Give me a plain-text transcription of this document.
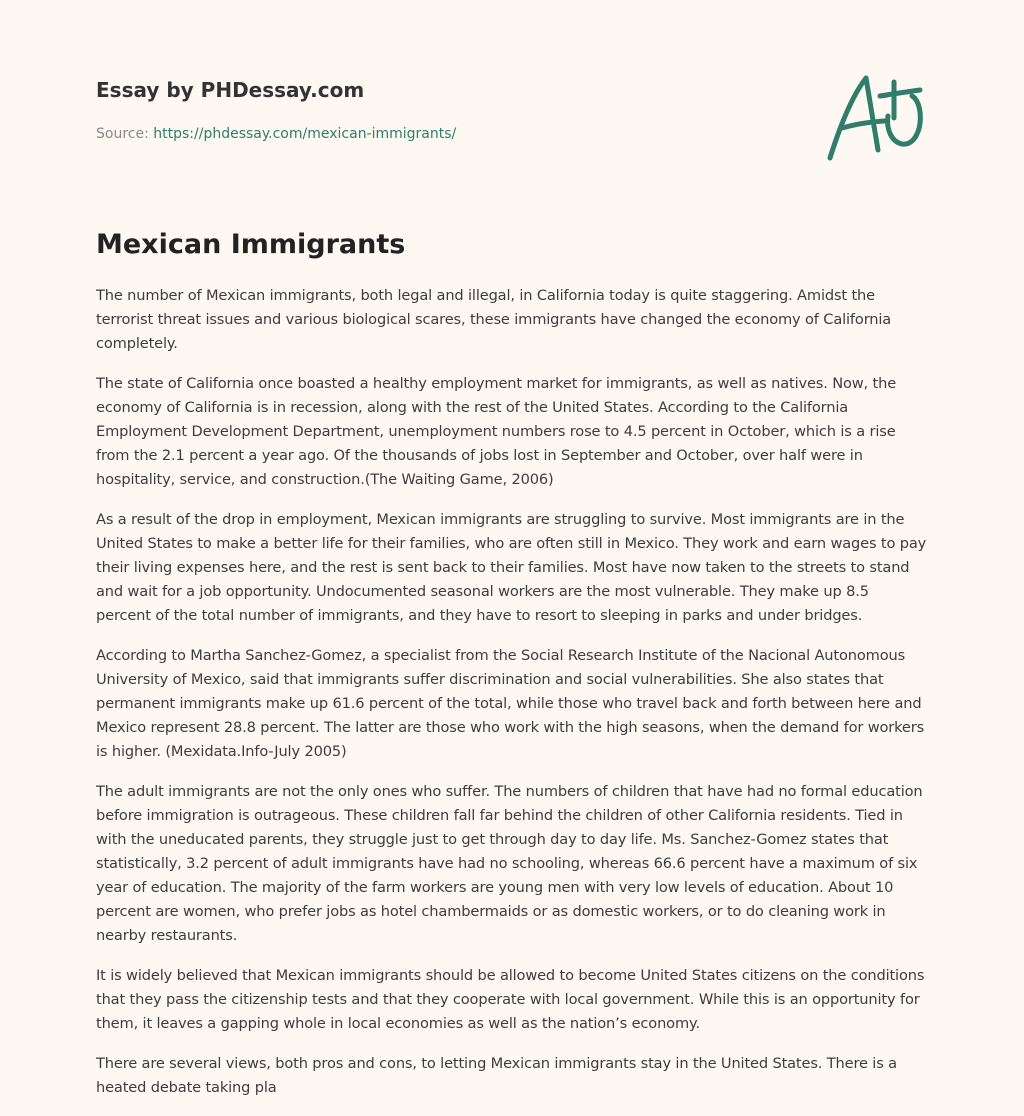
Essay by PHDessay.com
Source: https://phdessay.com/mexican-immigrants/
Mexican Immigrants

The number of Mexican immigrants, both legal and illegal, in California today is quite staggering. Amidst the terrorist threat issues and various biological scares, these immigrants have changed the economy of California completely.

The state of California once boasted a healthy employment market for immigrants, as well as natives. Now, the economy of California is in recession, along with the rest of the United States. According to the California Employment Development Department, unemployment numbers rose to 4.5 percent in October, which is a rise from the 2.1 percent a year ago. Of the thousands of jobs lost in September and October, over half were in hospitality, service, and construction.(The Waiting Game, 2006)

As a result of the drop in employment, Mexican immigrants are struggling to survive. Most immigrants are in the United States to make a better life for their families, who are often still in Mexico. They work and earn wages to pay their living expenses here, and the rest is sent back to their families. Most have now taken to the streets to stand and wait for a job opportunity. Undocumented seasonal workers are the most vulnerable. They make up 8.5 percent of the total number of immigrants, and they have to resort to sleeping in parks and under bridges.

According to Martha Sanchez-Gomez, a specialist from the Social Research Institute of the Nacional Autonomous University of Mexico, said that immigrants suffer discrimination and social vulnerabilities. She also states that permanent immigrants make up 61.6 percent of the total, while those who travel back and forth between here and Mexico represent 28.8 percent. The latter are those who work with the high seasons, when the demand for workers is higher. (Mexidata.Info-July 2005)

The adult immigrants are not the only ones who suffer. The numbers of children that have had no formal education before immigration is outrageous. These children fall far behind the children of other California residents. Tied in with the uneducated parents, they struggle just to get through day to day life. Ms. Sanchez-Gomez states that statistically, 3.2 percent of adult immigrants have had no schooling, whereas 66.6 percent have a maximum of six year of education. The majority of the farm workers are young men with very low levels of education. About 10 percent are women, who prefer jobs as hotel chambermaids or as domestic workers, or to do cleaning work in nearby restaurants.

It is widely believed that Mexican immigrants should be allowed to become United States citizens on the conditions that they pass the citizenship tests and that they cooperate with local government. While this is an opportunity for them, it leaves a gapping whole in local economies as well as the nation’s economy.

There are several views, both pros and cons, to letting Mexican immigrants stay in the United States. There is a heated debate taking pla
